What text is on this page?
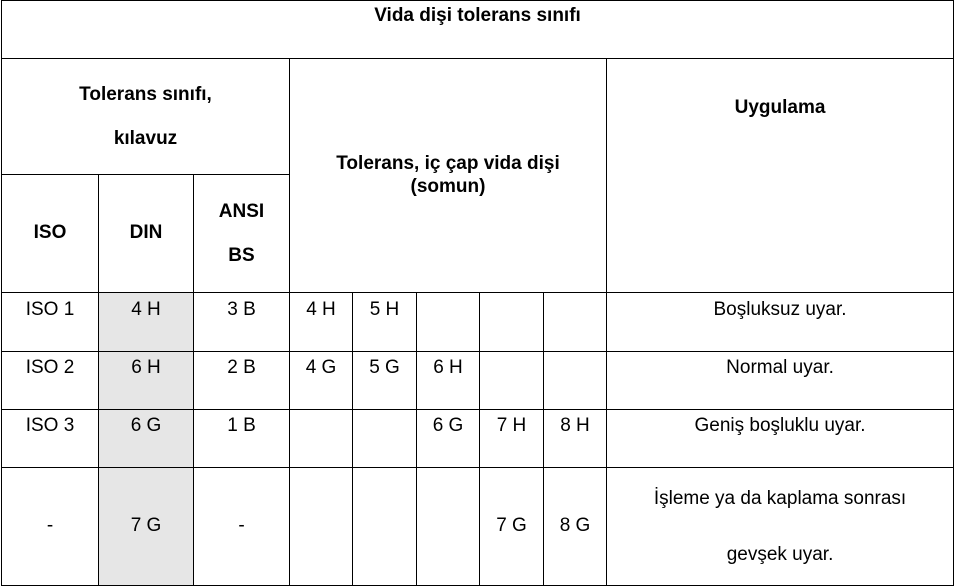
Vida dişi tolerans sınıfı								
Tolerans sınıfı,
kılavuz			Tolerans, iç çap vida dişi
(somun)					Uygulama
ISO	DIN	ANSI
BS						
ISO 1	4 H	3 B	4 H	5 H				Boşluksuz uyar.
ISO 2	6 H	2 B	4 G	5 G	6 H			Normal uyar.
ISO 3	6 G	1 B			6 G	7 H	8 H	Geniş boşluklu uyar.
-	7 G	-				7 G	8 G	İşleme ya da kaplama sonrası
gevşek uyar.
